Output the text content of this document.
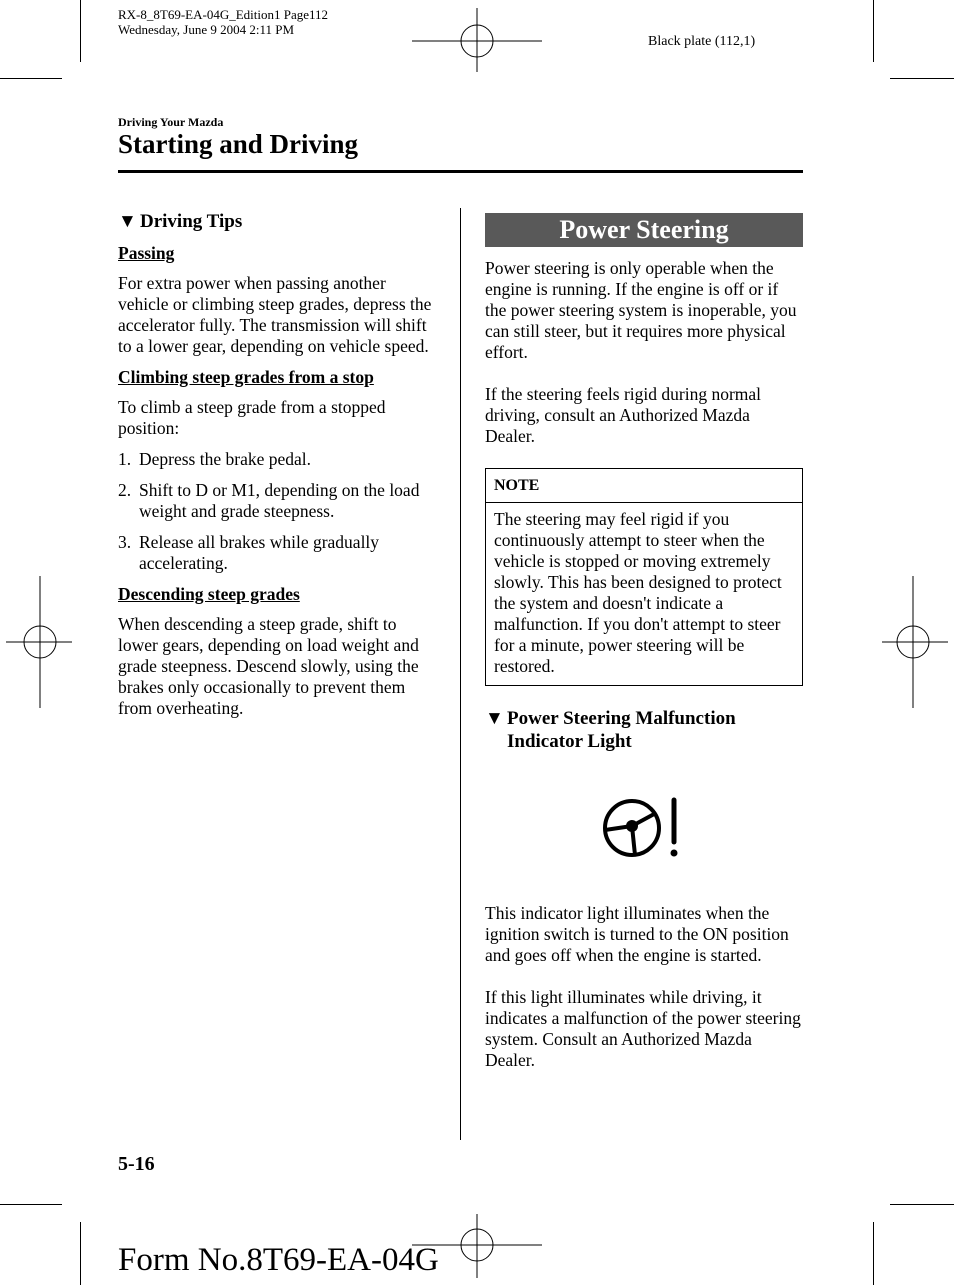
RX-8_8T69-EA-04G_Edition1 Page112
Wednesday, June 9 2004 2:11 PM
Black plate (112,1)
Driving Your Mazda
Starting and Driving
▼ Driving Tips
Passing

For extra power when passing another vehicle or climbing steep grades, depress the accelerator fully. The transmission will shift to a lower gear, depending on vehicle speed.

Climbing steep grades from a stop

To climb a steep grade from a stopped position:

1. Depress the brake pedal.
2. Shift to D or M1, depending on the load weight and grade steepness.
3. Release all brakes while gradually accelerating.
Descending steep grades

When descending a steep grade, shift to lower gears, depending on load weight and grade steepness. Descend slowly, using the brakes only occasionally to prevent them from overheating.

Power Steering

Power steering is only operable when the engine is running. If the engine is off or if the power steering system is inoperable, you can still steer, but it requires more physical effort.

If the steering feels rigid during normal driving, consult an Authorized Mazda Dealer.

NOTE
The steering may feel rigid if you continuously attempt to steer when the vehicle is stopped or moving extremely slowly. This has been designed to protect the system and doesn't indicate a malfunction. If you don't attempt to steer for a minute, power steering will be restored.
▼ Power Steering Malfunction Indicator Light

This indicator light illuminates when the ignition switch is turned to the ON position and goes off when the engine is started.

If this light illuminates while driving, it indicates a malfunction of the power steering system. Consult an Authorized Mazda Dealer.

5-16
Form No.8T69-EA-04G
